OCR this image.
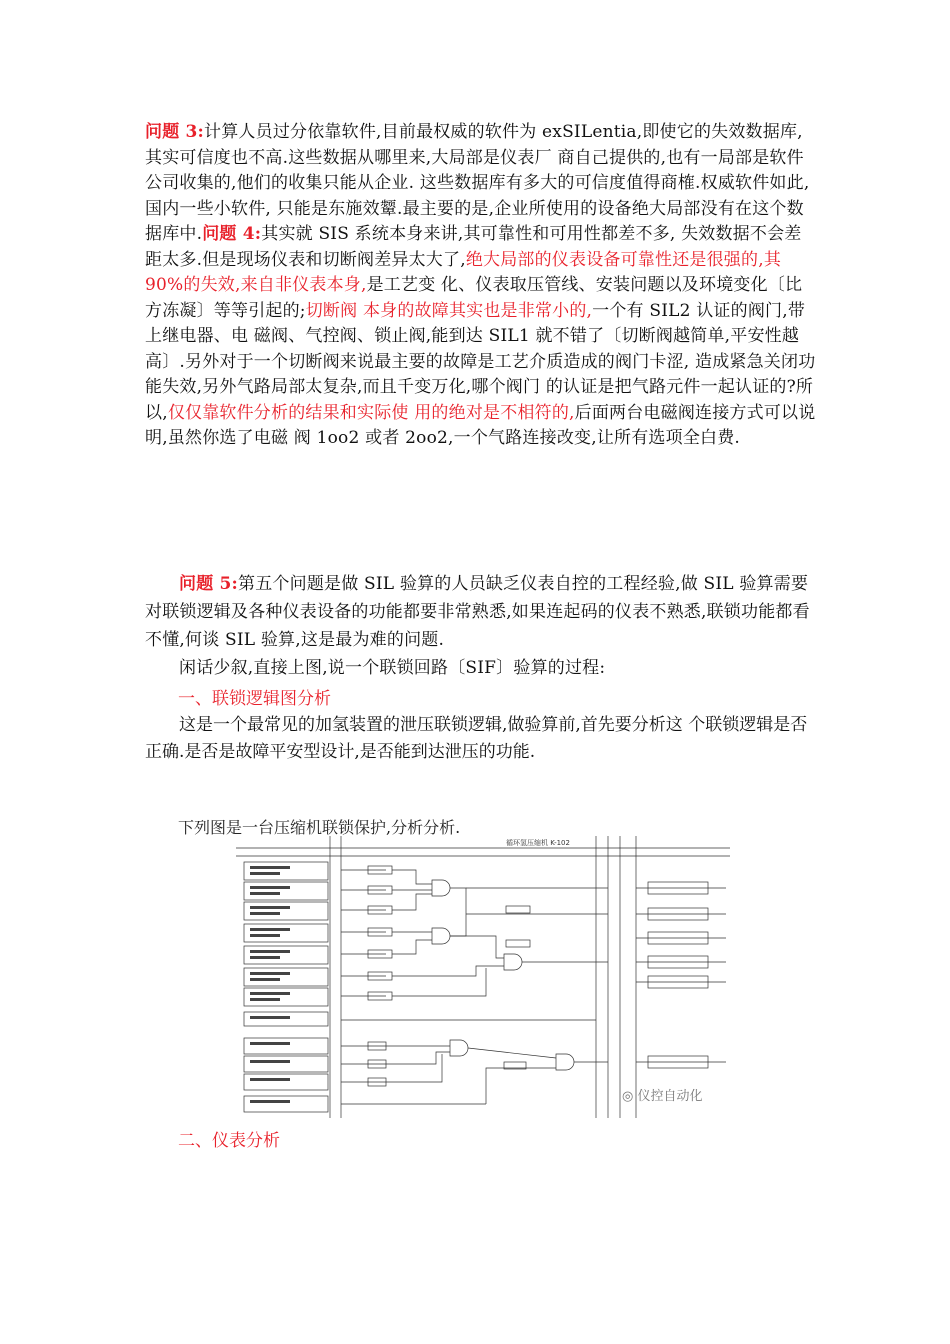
问题 3:计算人员过分依靠软件,目前最权威的软件为 exSILentia,即使它的失效数据库,其实可信度也不高.这些数据从哪里来,大局部是仪表厂 商自己提供的,也有一局部是软件公司收集的,他们的收集只能从企业. 这些数据库有多大的可信度值得商榷.权威软件如此,国内一些小软件, 只能是东施效颦.最主要的是,企业所使用的设备绝大局部没有在这个数 据库中.问题 4:其实就 SIS 系统本身来讲,其可靠性和可用性都差不多, 失效数据不会差距太多.但是现场仪表和切断阀差异太大了,绝大局部的仪表设备可靠性还是很强的,其 90%的失效,来自非仪表本身,是工艺变 化、仪表取压管线、安装问题以及环境变化〔比方冻凝〕等等引起的;切断阀 本身的故障其实也是非常小的,一个有 SIL2 认证的阀门,带上继电器、电 磁阀、气控阀、锁止阀,能到达 SIL1 就不错了〔切断阀越简单,平安性越 高〕.另外对于一个切断阀来说最主要的故障是工艺介质造成的阀门卡涩, 造成紧急关闭功能失效,另外气路局部太复杂,而且千变万化,哪个阀门 的认证是把气路元件一起认证的?所以,仅仅靠软件分析的结果和实际使 用的绝对是不相符的,后面两台电磁阀连接方式可以说明,虽然你选了电磁 阀 1oo2 或者 2oo2,一个气路连接改变,让所有选项全白费.
问题 5:第五个问题是做 SIL 验算的人员缺乏仪表自控的工程经验,做 SIL 验算需要对联锁逻辑及各种仪表设备的功能都要非常熟悉,如果连起码的仪表不熟悉,联锁功能都看不懂,何谈 SIL 验算,这是最为难的问题.
闲话少叙,直接上图,说一个联锁回路〔SIF〕验算的过程:
一、联锁逻辑图分析
这是一个最常见的加氢装置的泄压联锁逻辑,做验算前,首先要分析这 个联锁逻辑是否正确.是否是故障平安型设计,是否能到达泄压的功能.
下列图是一台压缩机联锁保护,分析分析.
循环氢压缩机 K-102
◎ 仪控自动化
二、仪表分析
